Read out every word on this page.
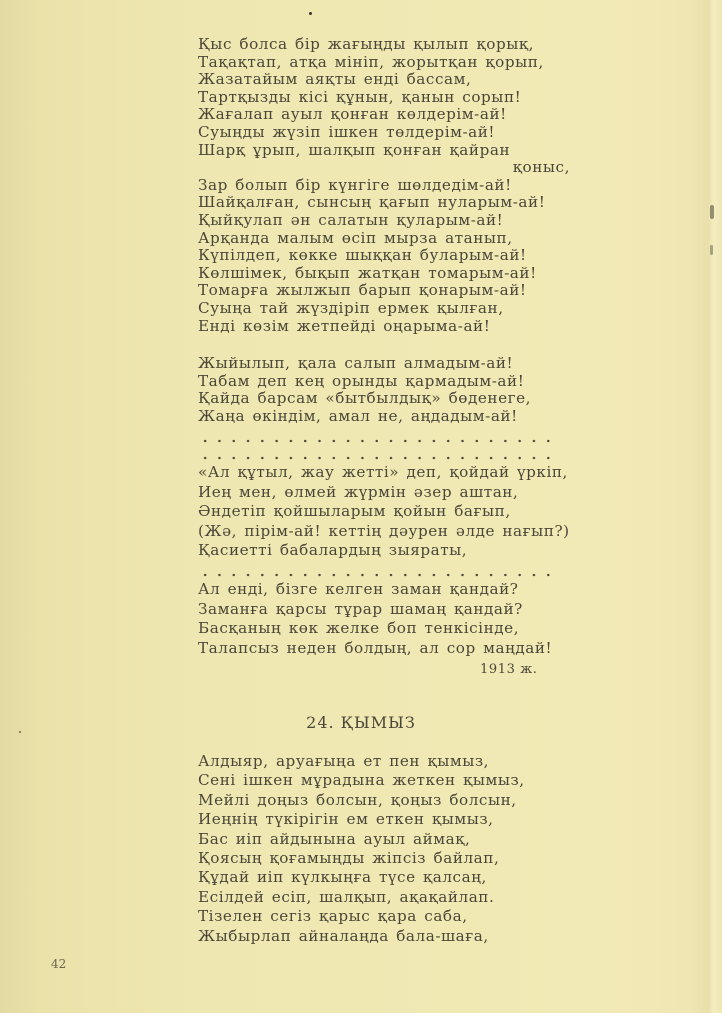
Қыс болса бір жағыңды қылып қорық,
Тақақтап, атқа мініп, жорытқан қорып,
Жазатайым аяқты енді бассам,
Тартқызды кісі құнын, қанын сорып!
Жағалап ауыл қонған көлдерім-ай!
Суыңды жүзіп ішкен төлдерім-ай!
Шарқ ұрып, шалқып қонған қайран
қоныс,
Зар болып бір күнгіге шөлдедім-ай!
Шайқалған, сынсың қағып нуларым-ай!
Қыйқулап ән салатын қуларым-ай!
Арқанда малым өсіп мырза атанып,
Күпілдеп, көкке шыққан буларым-ай!
Көлшімек, бықып жатқан томарым-ай!
Томарға жылжып барып қонарым-ай!
Суыңа тай жүздіріп ермек қылған,
Енді көзім жетпейді оңарыма-ай!
Жыйылып, қала салып алмадым-ай!
Табам деп кең орынды қармадым-ай!
Қайда барсам «бытбылдық» бөденеге,
Жаңа өкіндім, амал не, аңдадым-ай!
«Ал құтыл, жау жетті» деп, қойдай үркіп,
Иең мен, өлмей жүрмін әзер аштан,
Әндетіп қойшыларым қойын бағып,
(Жә, пірім-ай! кеттің дәурен әлде нағып?)
Қасиетті бабалардың зыяраты,
Ал енді, бізге келген заман қандай?
Заманға қарсы тұрар шамаң қандай?
Басқаның көк желке боп тенкісінде,
Талапсыз неден болдың, ал сор маңдай!
1913 ж.
24. ҚЫМЫЗ
Алдыяр, аруағыңа ет пен қымыз,
Сені ішкен мұрадына жеткен қымыз,
Мейлі доңыз болсын, қоңыз болсын,
Иеңнің түкірігін ем еткен қымыз,
Бас иіп айдынына ауыл аймақ,
Қоясың қоғамыңды жіпсіз байлап,
Құдай иіп күлкыңға түсе қалсаң,
Есілдей есіп, шалқып, ақақайлап.
Тізелен сегіз қарыс қара саба,
Жыбырлап айналаңда бала-шаға,
42
